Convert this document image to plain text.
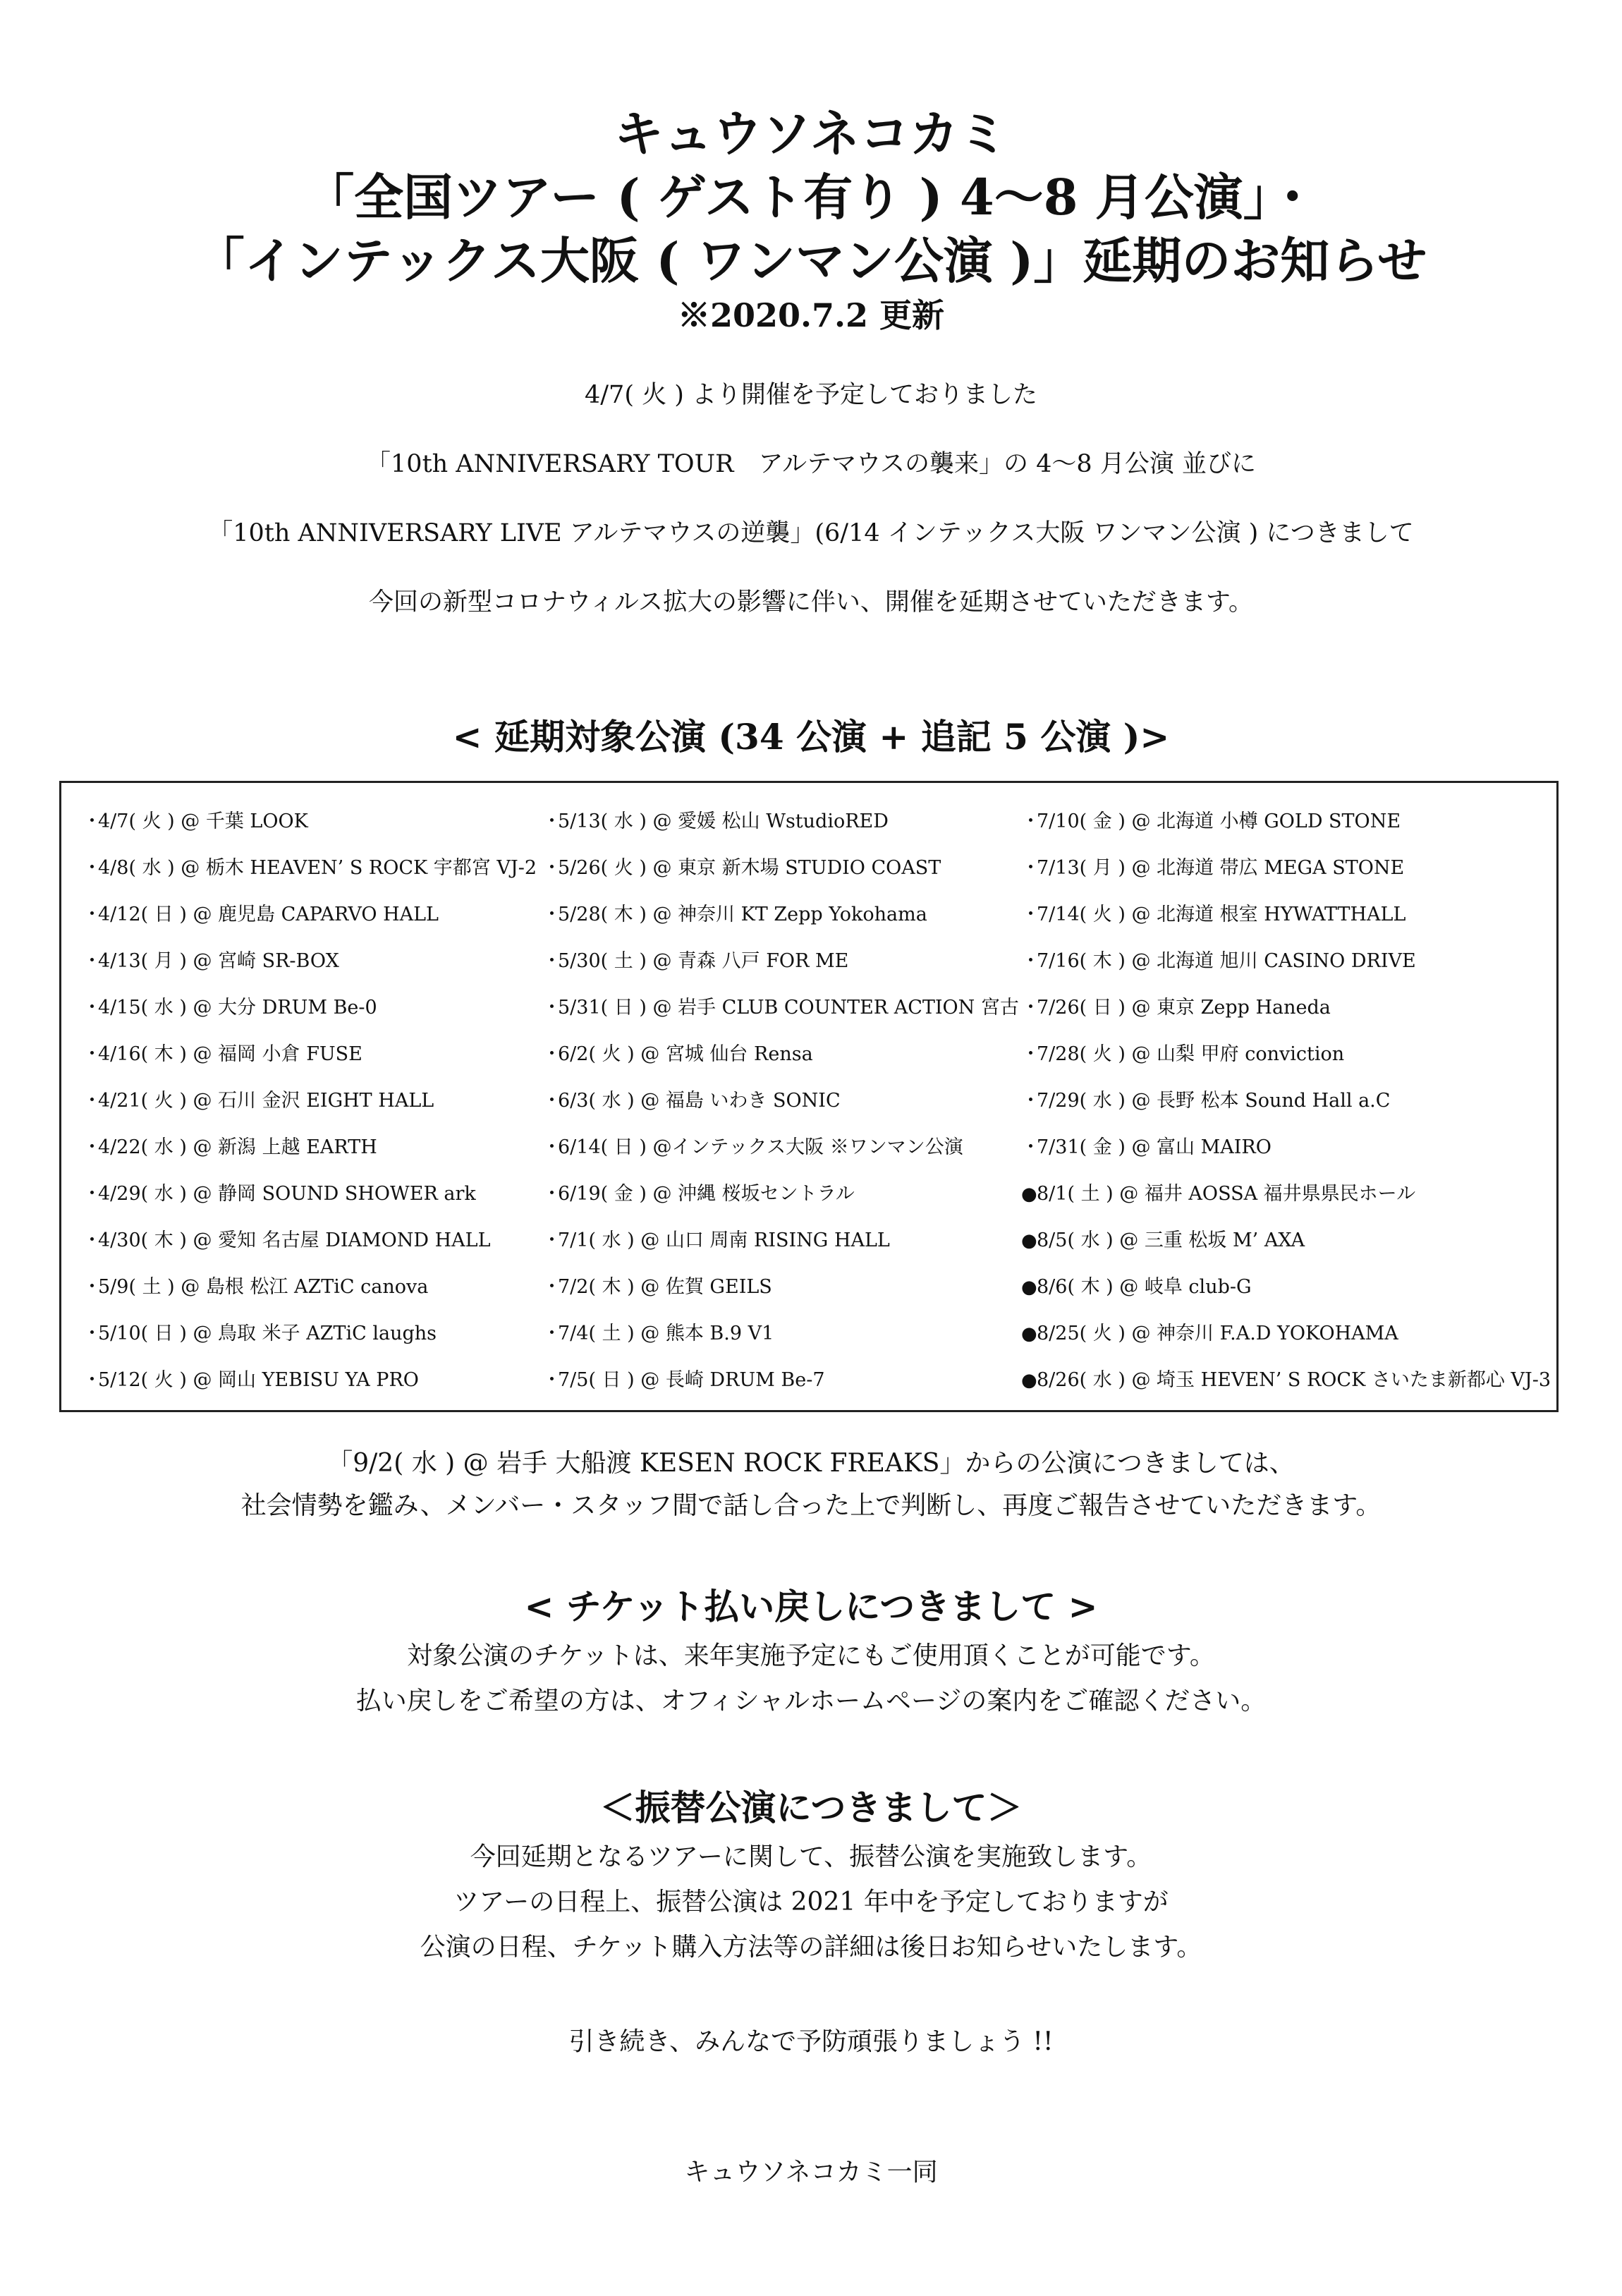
キュウソネコカミ
「全国ツアー ( ゲスト有り ) 4〜8 月公演」・
「インテックス大阪 ( ワンマン公演 )」延期のお知らせ
※2020.7.2 更新
4/7( 火 ) より開催を予定しておりました
「10th ANNIVERSARY TOUR　アルテマウスの襲来」の 4〜8 月公演 並びに
「10th ANNIVERSARY LIVE アルテマウスの逆襲」(6/14 インテックス大阪 ワンマン公演 ) につきまして
今回の新型コロナウィルス拡大の影響に伴い、開催を延期させていただきます。
< 延期対象公演 (34 公演 + 追記 5 公演 )>
・4/7( 火 ) @ 千葉 LOOK
・4/8( 水 ) @ 栃木 HEAVEN’ S ROCK 宇都宮 VJ-2
・4/12( 日 ) @ 鹿児島 CAPARVO HALL
・4/13( 月 ) @ 宮崎 SR-BOX
・4/15( 水 ) @ 大分 DRUM Be-0
・4/16( 木 ) @ 福岡 小倉 FUSE
・4/21( 火 ) @ 石川 金沢 EIGHT HALL
・4/22( 水 ) @ 新潟 上越 EARTH
・4/29( 水 ) @ 静岡 SOUND SHOWER ark
・4/30( 木 ) @ 愛知 名古屋 DIAMOND HALL
・5/9( 土 ) @ 島根 松江 AZTiC canova
・5/10( 日 ) @ 鳥取 米子 AZTiC laughs
・5/12( 火 ) @ 岡山 YEBISU YA PRO
・5/13( 水 ) @ 愛媛 松山 WstudioRED
・5/26( 火 ) @ 東京 新木場 STUDIO COAST
・5/28( 木 ) @ 神奈川 KT Zepp Yokohama
・5/30( 土 ) @ 青森 八戸 FOR ME
・5/31( 日 ) @ 岩手 CLUB COUNTER ACTION 宮古
・6/2( 火 ) @ 宮城 仙台 Rensa
・6/3( 水 ) @ 福島 いわき SONIC
・6/14( 日 ) @インテックス大阪 ※ワンマン公演
・6/19( 金 ) @ 沖縄 桜坂セントラル
・7/1( 水 ) @ 山口 周南 RISING HALL
・7/2( 木 ) @ 佐賀 GEILS
・7/4( 土 ) @ 熊本 B.9 V1
・7/5( 日 ) @ 長崎 DRUM Be-7
・7/10( 金 ) @ 北海道 小樽 GOLD STONE
・7/13( 月 ) @ 北海道 帯広 MEGA STONE
・7/14( 火 ) @ 北海道 根室 HYWATTHALL
・7/16( 木 ) @ 北海道 旭川 CASINO DRIVE
・7/26( 日 ) @ 東京 Zepp Haneda
・7/28( 火 ) @ 山梨 甲府 conviction
・7/29( 水 ) @ 長野 松本 Sound Hall a.C
・7/31( 金 ) @ 富山 MAIRO
●8/1( 土 ) @ 福井 AOSSA 福井県県民ホール
●8/5( 水 ) @ 三重 松坂 M’ AXA
●8/6( 木 ) @ 岐阜 club-G
●8/25( 火 ) @ 神奈川 F.A.D YOKOHAMA
●8/26( 水 ) @ 埼玉 HEVEN’ S ROCK さいたま新都心 VJ-3
「9/2( 水 ) @ 岩手 大船渡 KESEN ROCK FREAKS」からの公演につきましては、
社会情勢を鑑み、メンバー・スタッフ間で話し合った上で判断し、再度ご報告させていただきます。
< チケット払い戻しにつきまして >
対象公演のチケットは、来年実施予定にもご使用頂くことが可能です。
払い戻しをご希望の方は、オフィシャルホームページの案内をご確認ください。
＜振替公演につきまして＞
今回延期となるツアーに関して、振替公演を実施致します。
ツアーの日程上、振替公演は 2021 年中を予定しておりますが
公演の日程、チケット購入方法等の詳細は後日お知らせいたします。
引き続き、みんなで予防頑張りましょう !!
キュウソネコカミ一同
